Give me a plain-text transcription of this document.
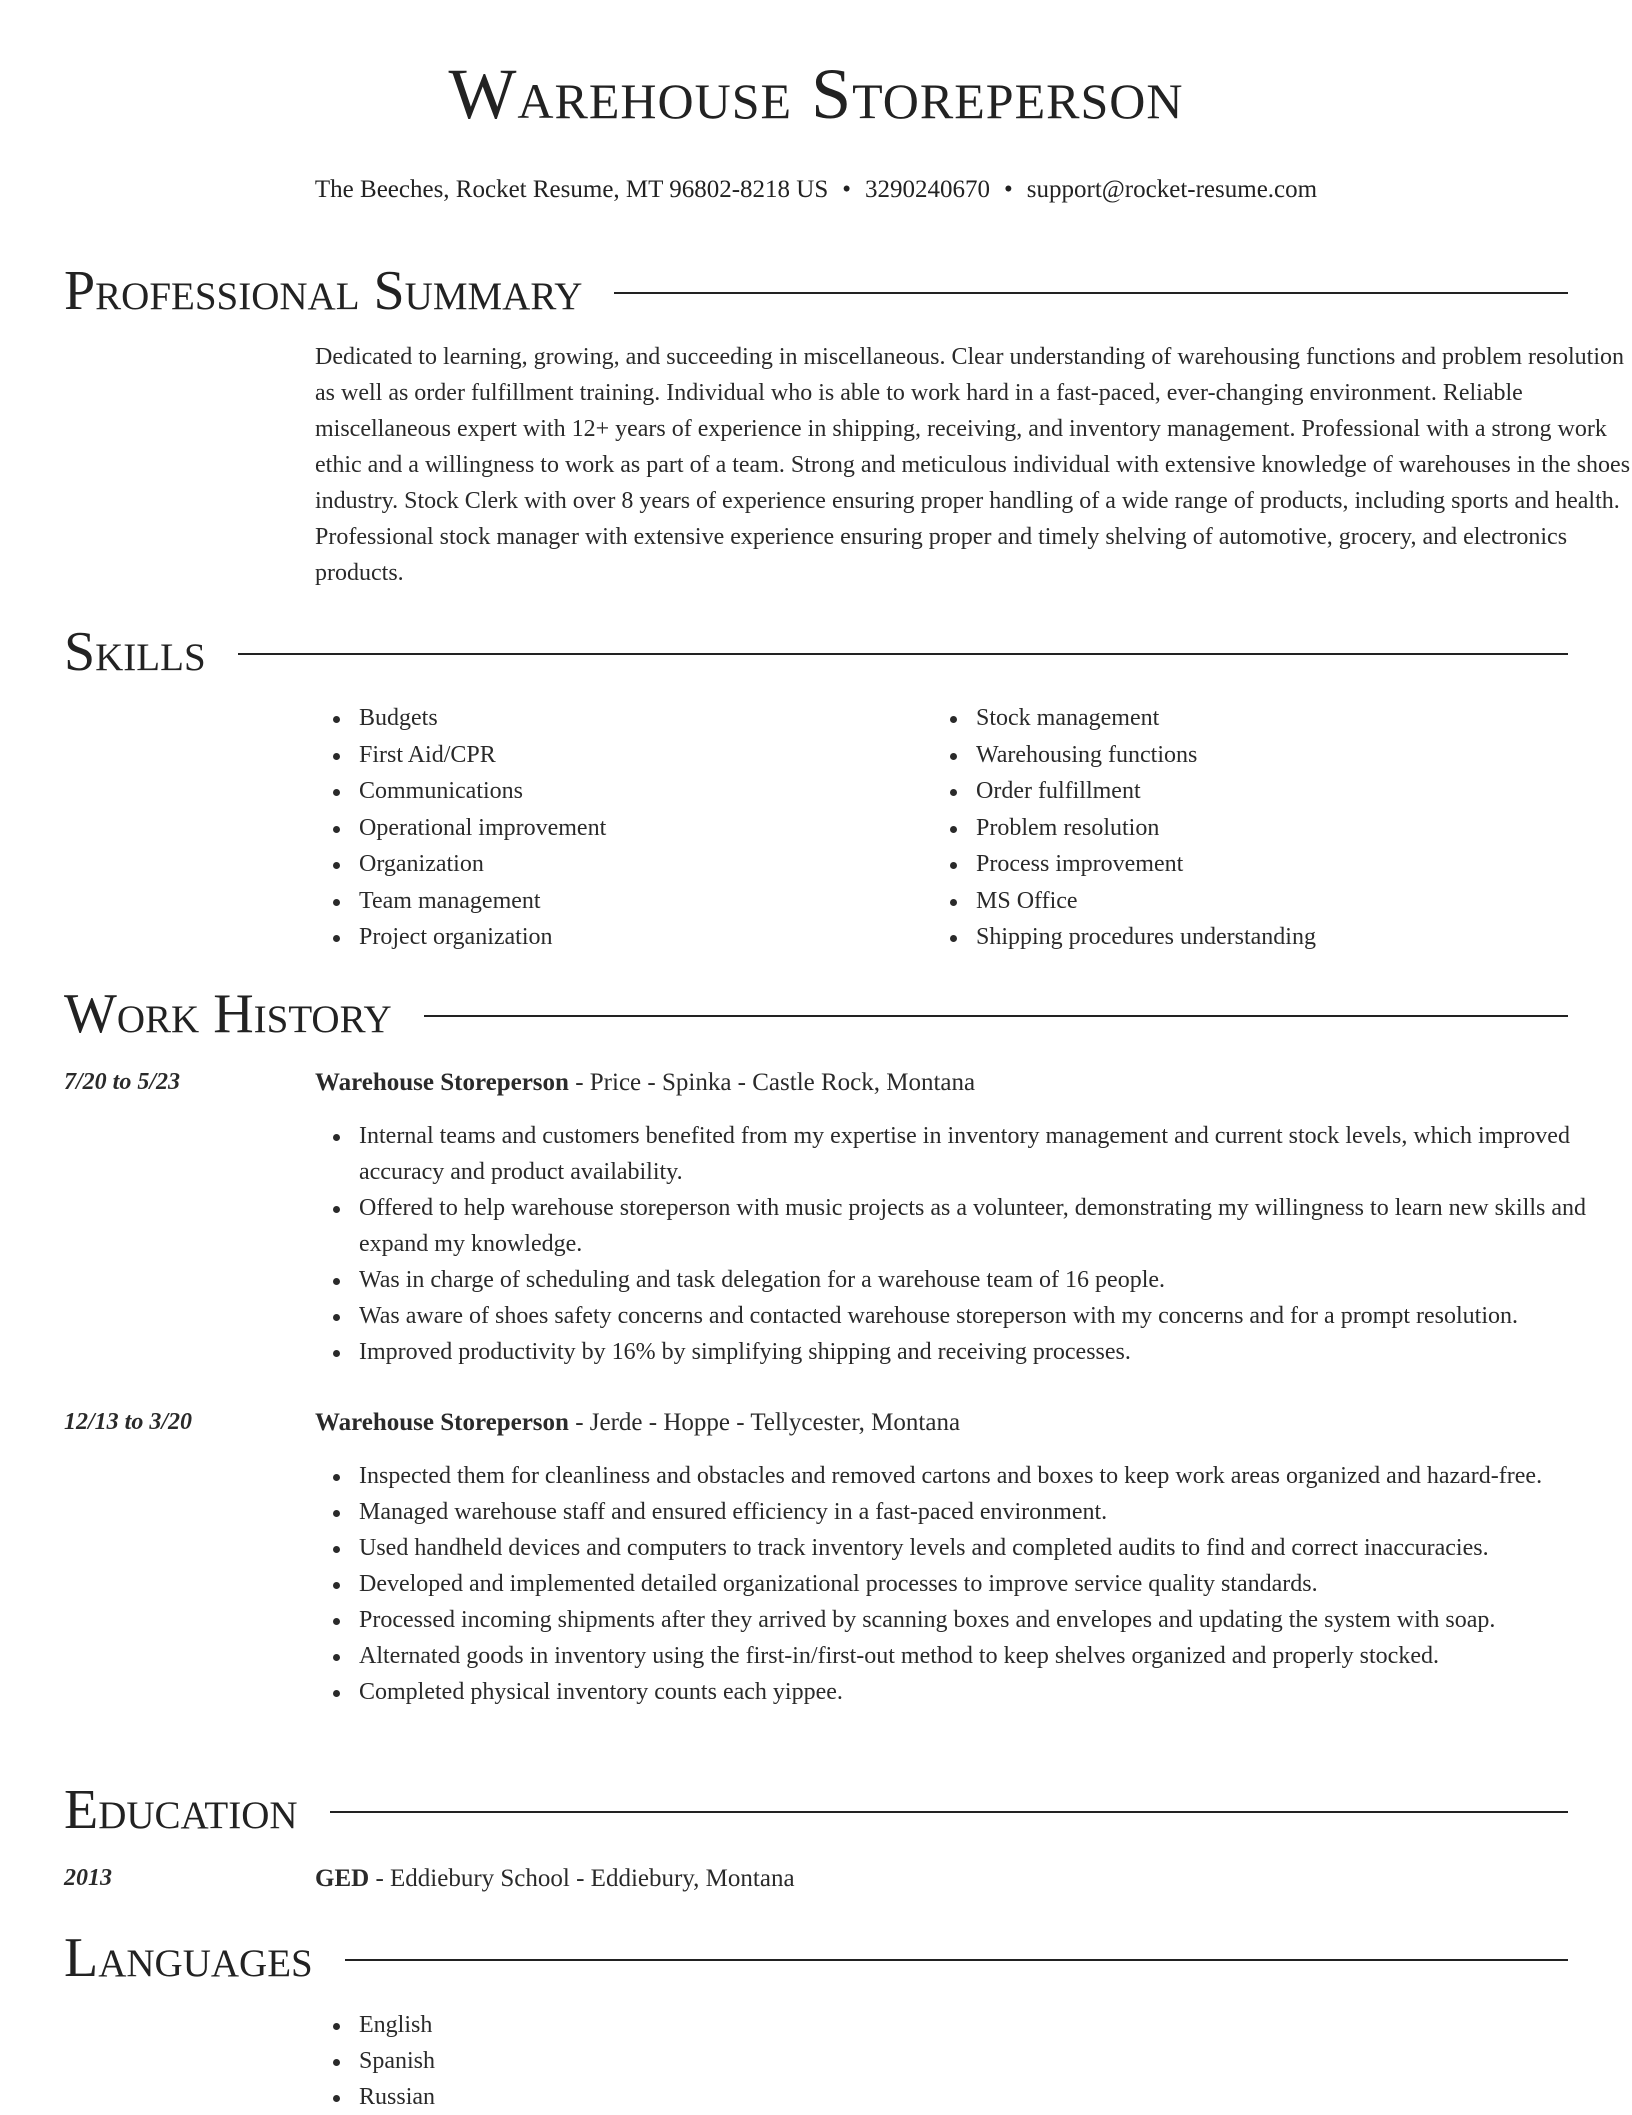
Warehouse Storeperson
The Beeches, Rocket Resume, MT 96802-8218 US • 3290240670 • support@rocket-resume.com
Professional Summary
Dedicated to learning, growing, and succeeding in miscellaneous. Clear understanding of warehousing functions and problem resolution as well as order fulfillment training. Individual who is able to work hard in a fast-paced, ever-changing environment. Reliable miscellaneous expert with 12+ years of experience in shipping, receiving, and inventory management. Professional with a strong work ethic and a willingness to work as part of a team. Strong and meticulous individual with extensive knowledge of warehouses in the shoes industry. Stock Clerk with over 8 years of experience ensuring proper handling of a wide range of products, including sports and health. Professional stock manager with extensive experience ensuring proper and timely shelving of automotive, grocery, and electronics products.
Skills
Budgets
First Aid/CPR
Communications
Operational improvement
Organization
Team management
Project organization
Stock management
Warehousing functions
Order fulfillment
Problem resolution
Process improvement
MS Office
Shipping procedures understanding
Work History
7/20 to 5/23	Warehouse Storeperson - Price - Spinka - Castle Rock, Montana
Internal teams and customers benefited from my expertise in inventory management and current stock levels, which improved accuracy and product availability.
Offered to help warehouse storeperson with music projects as a volunteer, demonstrating my willingness to learn new skills and expand my knowledge.
Was in charge of scheduling and task delegation for a warehouse team of 16 people.
Was aware of shoes safety concerns and contacted warehouse storeperson with my concerns and for a prompt resolution.
Improved productivity by 16% by simplifying shipping and receiving processes.
12/13 to 3/20	Warehouse Storeperson - Jerde - Hoppe - Tellycester, Montana
Inspected them for cleanliness and obstacles and removed cartons and boxes to keep work areas organized and hazard-free.
Managed warehouse staff and ensured efficiency in a fast-paced environment.
Used handheld devices and computers to track inventory levels and completed audits to find and correct inaccuracies.
Developed and implemented detailed organizational processes to improve service quality standards.
Processed incoming shipments after they arrived by scanning boxes and envelopes and updating the system with soap.
Alternated goods in inventory using the first-in/first-out method to keep shelves organized and properly stocked.
Completed physical inventory counts each yippee.
Education
2013	GED - Eddiebury School - Eddiebury, Montana
Languages
English
Spanish
Russian
